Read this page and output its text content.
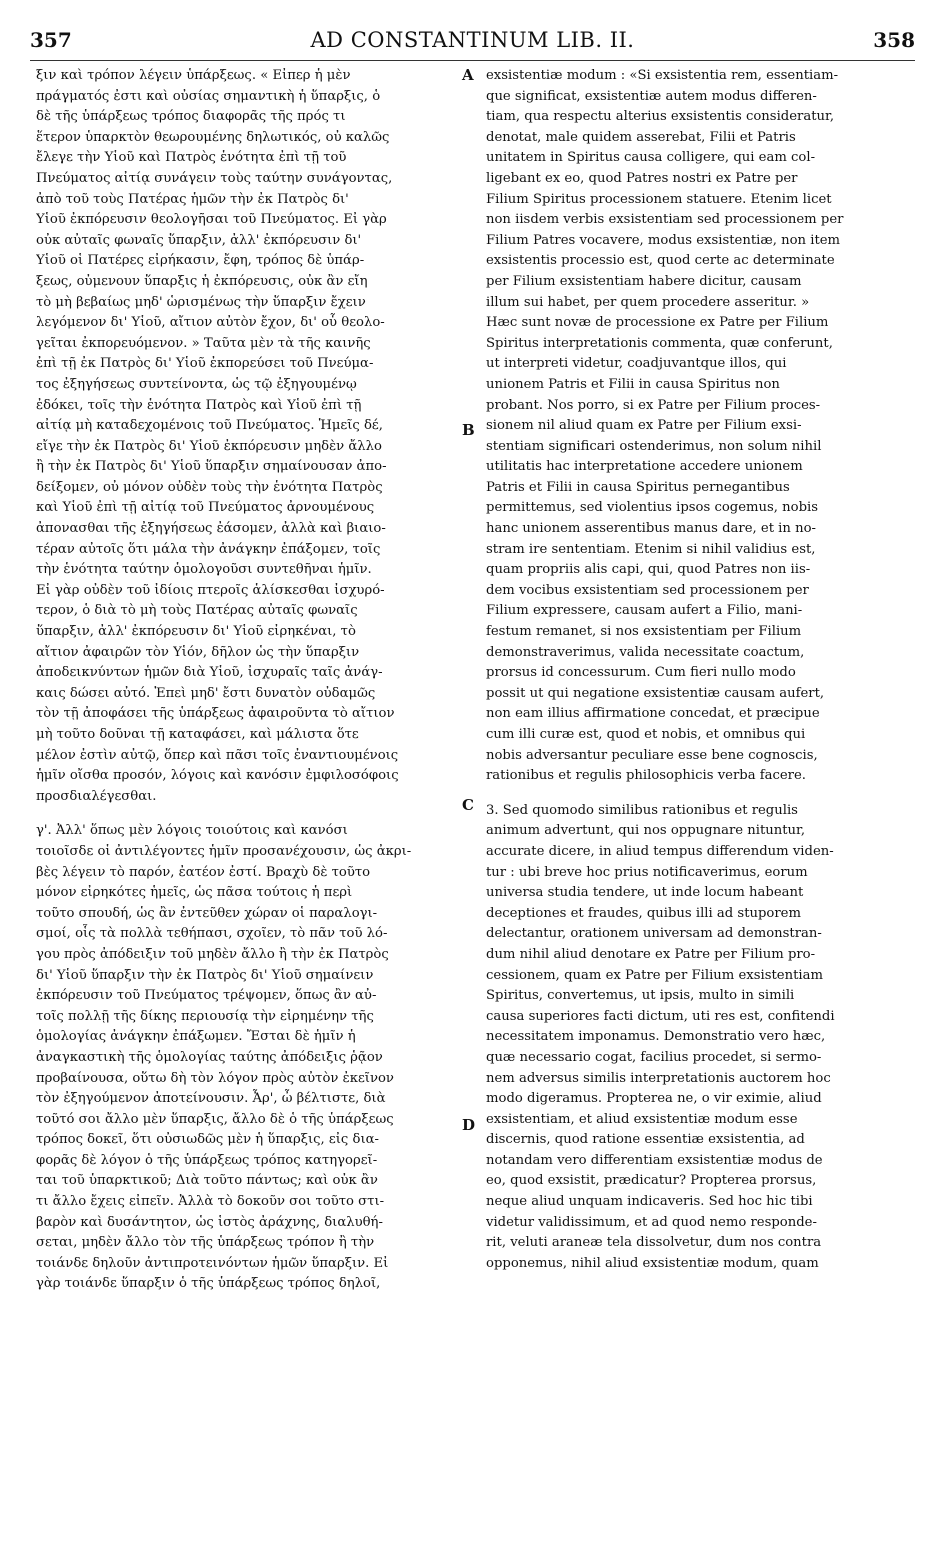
357	AD CONSTANTINUM LIB. II.	358
ξιν καὶ τρόπον λέγειν ὑπάρξεως. « Εἰπερ ἡ μὲν
πράγματός ἐστι καὶ οὐσίας σημαντικὴ ἡ ὕπαρξις, ὁ
δὲ τῆς ὑπάρξεως τρόπος διαφορᾶς τῆς πρός τι
ἕτερον ὑπαρκτὸν θεωρουμένης δηλωτικός, οὐ καλῶς
ἔλεγε τὴν Υἱοῦ καὶ Πατρὸς ἑνότητα ἐπὶ τῇ τοῦ
Πνεύματος αἰτίᾳ συνάγειν τοὺς ταύτην συνάγοντας,
ἀπὸ τοῦ τοὺς Πατέρας ἡμῶν τὴν ἐκ Πατρὸς δι'
Υἱοῦ ἐκπόρευσιν θεολογῆσαι τοῦ Πνεύματος. Εἰ γὰρ
οὐκ αὐταῖς φωναῖς ὕπαρξιν, ἀλλ' ἐκπόρευσιν δι'
Υἱοῦ οἱ Πατέρες εἰρήκασιν, ἔφη, τρόπος δὲ ὑπάρ-
ξεως, οὐμενουν ὕπαρξις ἡ ἐκπόρευσις, οὐκ ἂν εἴη
τὸ μὴ βεβαίως μηδ' ὡρισμένως τὴν ὕπαρξιν ἔχειν
λεγόμενον δι' Υἱοῦ, αἴτιον αὐτὸν ἔχον, δι' οὗ θεολο-
γεῖται ἐκπορευόμενον. » Ταῦτα μὲν τὰ τῆς καινῆς
ἐπὶ τῇ ἐκ Πατρὸς δι' Υἱοῦ ἐκπορεύσει τοῦ Πνεύμα-
τος ἐξηγήσεως συντείνοντα, ὡς τῷ ἐξηγουμένῳ
ἐδόκει, τοῖς τὴν ἑνότητα Πατρὸς καὶ Υἱοῦ ἐπὶ τῇ
αἰτίᾳ μὴ καταδεχομένοις τοῦ Πνεύματος. Ἡμεῖς δέ,
εἴγε τὴν ἐκ Πατρὸς δι' Υἱοῦ ἐκπόρευσιν μηδὲν ἄλλο
ἢ τὴν ἐκ Πατρὸς δι' Υἱοῦ ὕπαρξιν σημαίνουσαν ἀπο-
δείξομεν, οὐ μόνον οὐδὲν τοὺς τὴν ἑνότητα Πατρὸς
καὶ Υἱοῦ ἐπὶ τῇ αἰτίᾳ τοῦ Πνεύματος ἀρνουμένους
ἀπονασθαι τῆς ἐξηγήσεως ἐάσομεν, ἀλλὰ καὶ βιαιο-
τέραν αὐτοῖς ὅτι μάλα τὴν ἀνάγκην ἐπάξομεν, τοῖς
τὴν ἑνότητα ταύτην ὁμολογοῦσι συντεθῆναι ἡμῖν.
Εἰ γὰρ οὐδὲν τοῦ ἰδίοις πτεροῖς ἁλίσκεσθαι ἰσχυρό-
τερον, ὁ διὰ τὸ μὴ τοὺς Πατέρας αὐταῖς φωναῖς
ὕπαρξιν, ἀλλ' ἐκπόρευσιν δι' Υἱοῦ εἰρηκέναι, τὸ
αἴτιον ἀφαιρῶν τὸν Υἱόν, δῆλον ὡς τὴν ὕπαρξιν
ἀποδεικνύντων ἡμῶν διὰ Υἱοῦ, ἰσχυραῖς ταῖς ἀνάγ-
καις δώσει αὐτό. Ἐπεὶ μηδ' ἔστι δυνατὸν οὐδαμῶς
τὸν τῇ ἀποφάσει τῆς ὑπάρξεως ἀφαιροῦντα τὸ αἴτιον
μὴ τοῦτο δοῦναι τῇ καταφάσει, καὶ μάλιστα ὅτε
μέλον ἐστὶν αὐτῷ, ὅπερ καὶ πᾶσι τοῖς ἐναντιουμένοις
ἡμῖν οἴσθα προσόν, λόγοις καὶ κανόσιν ἐμφιλοσόφοις
προσδιαλέγεσθαι.
γ'. Ἀλλ' ὅπως μὲν λόγοις τοιούτοις καὶ κανόσι
τοιοῖσδε οἱ ἀντιλέγοντες ἡμῖν προσανέχουσιν, ὡς ἀκρι-
βὲς λέγειν τὸ παρόν, ἐατέον ἐστί. Βραχὺ δὲ τοῦτο
μόνον εἰρηκότες ἡμεῖς, ὡς πᾶσα τούτοις ἡ περὶ
τοῦτο σπουδή, ὡς ἂν ἐντεῦθεν χώραν οἱ παραλογι-
σμοί, οἷς τὰ πολλὰ τεθήπασι, σχοῖεν, τὸ πᾶν τοῦ λό-
γου πρὸς ἀπόδειξιν τοῦ μηδὲν ἄλλο ἢ τὴν ἐκ Πατρὸς
δι' Υἱοῦ ὕπαρξιν τὴν ἐκ Πατρὸς δι' Υἱοῦ σημαίνειν
ἐκπόρευσιν τοῦ Πνεύματος τρέψομεν, ὅπως ἂν αὐ-
τοῖς πολλῇ τῆς δίκης περιουσίᾳ τὴν εἰρημένην τῆς
ὁμολογίας ἀνάγκην ἐπάξωμεν. Ἔσται δὲ ἡμῖν ἡ
ἀναγκαστικὴ τῆς ὁμολογίας ταύτης ἀπόδειξις ῥᾷον
προβαίνουσα, οὕτω δὴ τὸν λόγον πρὸς αὐτὸν ἐκεῖνον
τὸν ἐξηγούμενον ἀποτείνουσιν. Ἆρ', ὦ βέλτιστε, διὰ
τοῦτό σοι ἄλλο μὲν ὕπαρξις, ἄλλο δὲ ὁ τῆς ὑπάρξεως
τρόπος δοκεῖ, ὅτι οὐσιωδῶς μὲν ἡ ὕπαρξις, εἰς δια-
φορᾶς δὲ λόγον ὁ τῆς ὑπάρξεως τρόπος κατηγορεῖ-
ται τοῦ ὑπαρκτικοῦ; Διὰ τοῦτο πάντως; καὶ οὐκ ἂν
τι ἄλλο ἔχεις εἰπεῖν. Ἀλλὰ τὸ δοκοῦν σοι τοῦτο στι-
βαρὸν καὶ δυσάντητον, ὡς ἱστὸς ἀράχνης, διαλυθή-
σεται, μηδὲν ἄλλο τὸν τῆς ὑπάρξεως τρόπον ἢ τὴν
τοιάνδε δηλοῦν ἀντιπροτεινόντων ἡμῶν ὕπαρξιν. Εἰ
γὰρ τοιάνδε ὕπαρξιν ὁ τῆς ὑπάρξεως τρόπος δηλοῖ,
exsistentiæ modum : «Si exsistentia rem, essentiam-
que significat, exsistentiæ autem modus differen-
tiam, qua respectu alterius exsistentis consideratur,
denotat, male quidem asserebat, Filii et Patris
unitatem in Spiritus causa colligere, qui eam col-
ligebant ex eo, quod Patres nostri ex Patre per
Filium Spiritus processionem statuere. Etenim licet
non iisdem verbis exsistentiam sed processionem per
Filium Patres vocavere, modus exsistentiæ, non item
exsistentis processio est, quod certe ac determinate
per Filium exsistentiam habere dicitur, causam
illum sui habet, per quem procedere asseritur. »
Hæc sunt novæ de processione ex Patre per Filium
Spiritus interpretationis commenta, quæ conferunt,
ut interpreti videtur, coadjuvantque illos, qui
unionem Patris et Filii in causa Spiritus non
probant. Nos porro, si ex Patre per Filium proces-
sionem nil aliud quam ex Patre per Filium exsi-
stentiam significari ostenderimus, non solum nihil
utilitatis hac interpretatione accedere unionem
Patris et Filii in causa Spiritus pernegantibus
permittemus, sed violentius ipsos cogemus, nobis
hanc unionem asserentibus manus dare, et in no-
stram ire sententiam. Etenim si nihil validius est,
quam propriis alis capi, qui, quod Patres non iis-
dem vocibus exsistentiam sed processionem per
Filium expressere, causam aufert a Filio, mani-
festum remanet, si nos exsistentiam per Filium
demonstraverimus, valida necessitate coactum,
prorsus id concessurum. Cum fieri nullo modo
possit ut qui negatione exsistentiæ causam aufert,
non eam illius affirmatione concedat, et præcipue
cum illi curæ est, quod et nobis, et omnibus qui
nobis adversantur peculiare esse bene cognoscis,
rationibus et regulis philosophicis verba facere.
3. Sed quomodo similibus rationibus et regulis
animum advertunt, qui nos oppugnare nituntur,
accurate dicere, in aliud tempus differendum viden-
tur : ubi breve hoc prius notificaverimus, eorum
universa studia tendere, ut inde locum habeant
deceptiones et fraudes, quibus illi ad stuporem
delectantur, orationem universam ad demonstran-
dum nihil aliud denotare ex Patre per Filium pro-
cessionem, quam ex Patre per Filium exsistentiam
Spiritus, convertemus, ut ipsis, multo in simili
causa superiores facti dictum, uti res est, confitendi
necessitatem imponamus. Demonstratio vero hæc,
quæ necessario cogat, facilius procedet, si sermo-
nem adversus similis interpretationis auctorem hoc
modo digeramus. Propterea ne, o vir eximie, aliud
exsistentiam, et aliud exsistentiæ modum esse
discernis, quod ratione essentiæ exsistentia, ad
notandam vero differentiam exsistentiæ modus de
eo, quod exsistit, prædicatur? Propterea prorsus,
neque aliud unquam indicaveris. Sed hoc hic tibi
videtur validissimum, et ad quod nemo responde-
rit, veluti araneæ tela dissolvetur, dum nos contra
opponemus, nihil aliud exsistentiæ modum, quam
A
B
C
D
